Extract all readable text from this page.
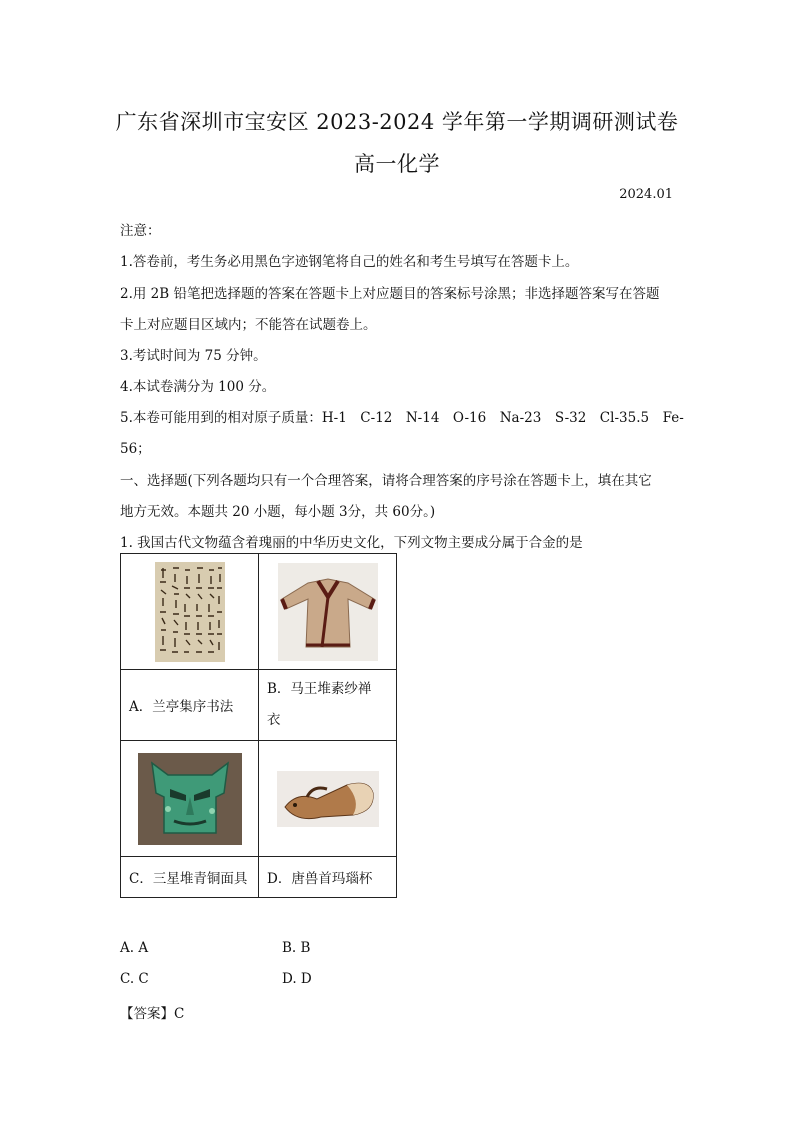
广东省深圳市宝安区 2023-2024 学年第一学期调研测试卷
高一化学
2024.01
注意：
1.答卷前，考生务必用黑色字迹钢笔将自己的姓名和考生号填写在答题卡上。
2.用 2B 铅笔把选择题的答案在答题卡上对应题目的答案标号涂黑；非选择题答案写在答题
卡上对应题目区域内；不能答在试题卷上。
3.考试时间为 75 分钟。
4.本试卷满分为 100 分。
5.本卷可能用到的相对原子质量：H-1　C-12　N-14　O-16　Na-23　S-32　Cl-35.5　Fe-
56；
一、选择题(下列各题均只有一个合理答案，请将合理答案的序号涂在答题卡上，填在其它
地方无效。本题共 20 小题，每小题 3分，共 60分。)
1. 我国古代文物蕴含着瑰丽的中华历史文化，下列文物主要成分属于合金的是

A．兰亭集序书法	B．马王堆素纱禅
衣

C．三星堆青铜面具	D．唐兽首玛瑙杯
A. A	B. B
C. C	D. D
【答案】C
